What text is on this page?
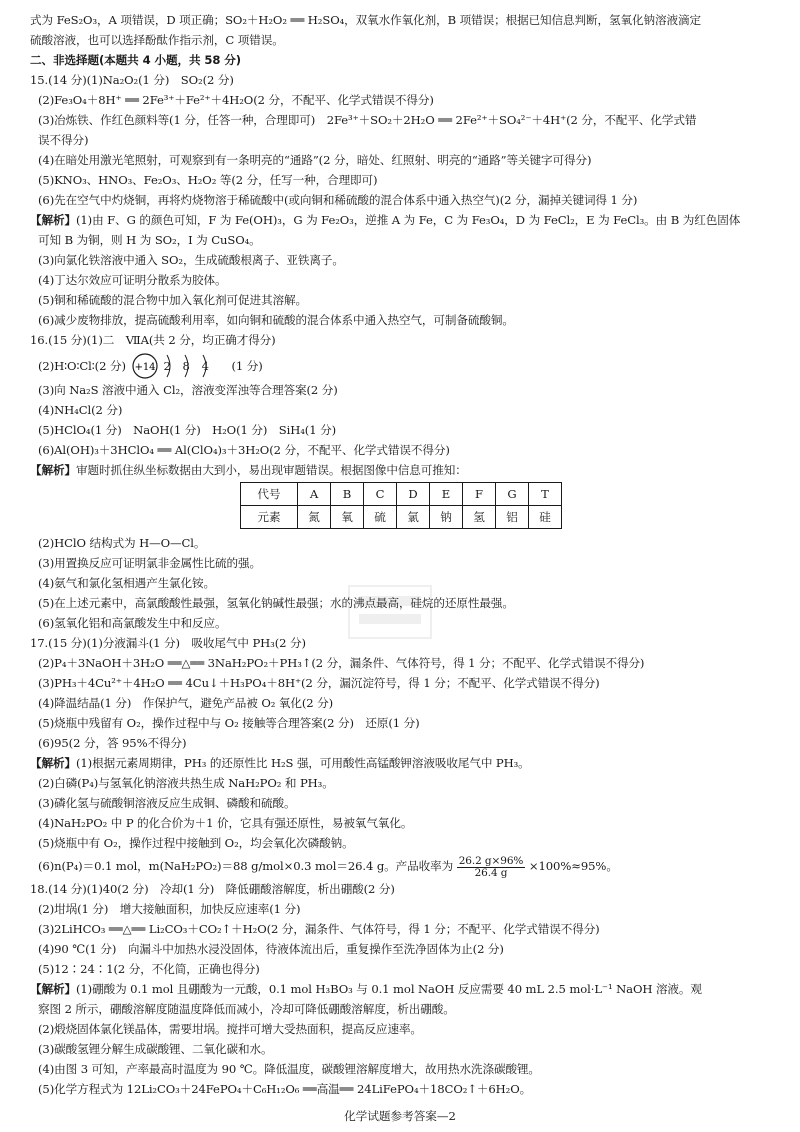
式为 FeS₂O₃，A 项错误，D 项正确；SO₂＋H₂O₂ ══ H₂SO₄，双氧水作氧化剂，B 项错误；根据已知信息判断，氢氧化钠溶液滴定
硫酸溶液，也可以选择酚酞作指示剂，C 项错误。
二、非选择题(本题共 4 小题，共 58 分)
15.(14 分)(1)Na₂O₂(1 分)　SO₂(2 分)
(2)Fe₃O₄＋8H⁺ ══ 2Fe³⁺＋Fe²⁺＋4H₂O(2 分，不配平、化学式错误不得分)
(3)冶炼铁、作红色颜料等(1 分，任答一种，合理即可)　2Fe³⁺＋SO₂＋2H₂O ══ 2Fe²⁺＋SO₄²⁻＋4H⁺(2 分，不配平、化学式错
误不得分)
(4)在暗处用激光笔照射，可观察到有一条明亮的“通路”(2 分，暗处、红照射、明亮的“通路”等关键字可得分)
(5)KNO₃、HNO₃、Fe₂O₃、H₂O₂ 等(2 分，任写一种，合理即可)
(6)先在空气中灼烧铜，再将灼烧物溶于稀硫酸中(或向铜和稀硫酸的混合体系中通入热空气)(2 分，漏掉关键词得 1 分)
【解析】(1)由 F、G 的颜色可知，F 为 Fe(OH)₃，G 为 Fe₂O₃，逆推 A 为 Fe，C 为 Fe₃O₄，D 为 FeCl₂，E 为 FeCl₃。由 B 为红色固体
可知 B 为铜，则 H 为 SO₂，I 为 CuSO₄。
(3)向氯化铁溶液中通入 SO₂，生成硫酸根离子、亚铁离子。
(4)丁达尔效应可证明分散系为胶体。
(5)铜和稀硫酸的混合物中加入氧化剂可促进其溶解。
(6)减少废物排放，提高硫酸利用率，如向铜和硫酸的混合体系中通入热空气，可制备硫酸铜。
16.(15 分)(1)二　ⅦA(共 2 分，均正确才得分)
(2)H∶O∶Cl∶(2 分) +14 2 8 4	(1 分)
(3)向 Na₂S 溶液中通入 Cl₂，溶液变浑浊等合理答案(2 分)
(4)NH₄Cl(2 分)
(5)HClO₄(1 分)　NaOH(1 分)　H₂O(1 分)　SiH₄(1 分)
(6)Al(OH)₃＋3HClO₄ ══ Al(ClO₄)₃＋3H₂O(2 分，不配平、化学式错误不得分)
【解析】审题时抓住纵坐标数据由大到小，易出现审题错误。根据图像中信息可推知：
代号	A	B	C	D	E	F	G	T
元素	氮	氧	硫	氯	钠	氢	铝	硅
(2)HClO 结构式为 H—O—Cl。
(3)用置换反应可证明氯非金属性比硫的强。
(4)氨气和氯化氢相遇产生氯化铵。
(5)在上述元素中，高氯酸酸性最强，氢氧化钠碱性最强；水的沸点最高，硅烷的还原性最强。
(6)氢氧化铝和高氯酸发生中和反应。
17.(15 分)(1)分液漏斗(1 分)　吸收尾气中 PH₃(2 分)
(2)P₄＋3NaOH＋3H₂O ══△══ 3NaH₂PO₂＋PH₃↑(2 分，漏条件、气体符号，得 1 分；不配平、化学式错误不得分)
(3)PH₃＋4Cu²⁺＋4H₂O ══ 4Cu↓＋H₃PO₄＋8H⁺(2 分，漏沉淀符号，得 1 分；不配平、化学式错误不得分)
(4)降温结晶(1 分)　作保护气，避免产品被 O₂ 氧化(2 分)
(5)烧瓶中残留有 O₂，操作过程中与 O₂ 接触等合理答案(2 分)　还原(1 分)
(6)95(2 分，答 95%不得分)
【解析】(1)根据元素周期律，PH₃ 的还原性比 H₂S 强，可用酸性高锰酸钾溶液吸收尾气中 PH₃。
(2)白磷(P₄)与氢氧化钠溶液共热生成 NaH₂PO₂ 和 PH₃。
(3)磷化氢与硫酸铜溶液反应生成铜、磷酸和硫酸。
(4)NaH₂PO₂ 中 P 的化合价为＋1 价，它具有强还原性，易被氧气氧化。
(5)烧瓶中有 O₂，操作过程中接触到 O₂，均会氧化次磷酸钠。
(6)n(P₄)＝0.1 mol，m(NaH₂PO₂)＝88 g/mol×0.3 mol＝26.4 g。产品收率为 $\frac{26.2 g\times 96\%}{26.4 g} \times 100\%\approx 95\%$。
18.(14 分)(1)40(2 分)　冷却(1 分)　降低硼酸溶解度，析出硼酸(2 分)
(2)坩埚(1 分)　增大接触面积，加快反应速率(1 分)
(3)2LiHCO₃ ══△══ Li₂CO₃＋CO₂↑＋H₂O(2 分，漏条件、气体符号，得 1 分；不配平、化学式错误不得分)
(4)90 ℃(1 分)　向漏斗中加热水浸没固体，待液体流出后，重复操作至洗净固体为止(2 分)
(5)12∶24∶1(2 分，不化简，正确也得分)
【解析】(1)硼酸为 0.1 mol 且硼酸为一元酸，0.1 mol H₃BO₃ 与 0.1 mol NaOH 反应需要 40 mL 2.5 mol·L⁻¹ NaOH 溶液。观
察图 2 所示，硼酸溶解度随温度降低而减小，冷却可降低硼酸溶解度，析出硼酸。
(2)煅烧固体氯化镁晶体，需要坩埚。搅拌可增大受热面积，提高反应速率。
(3)碳酸氢锂分解生成碳酸锂、二氧化碳和水。
(4)由图 3 可知，产率最高时温度为 90 ℃。降低温度，碳酸锂溶解度增大，故用热水洗涤碳酸锂。
(5)化学方程式为 12Li₂CO₃＋24FePO₄＋C₆H₁₂O₆ ══高温══ 24LiFePO₄＋18CO₂↑＋6H₂O。
化学试题参考答案—2
